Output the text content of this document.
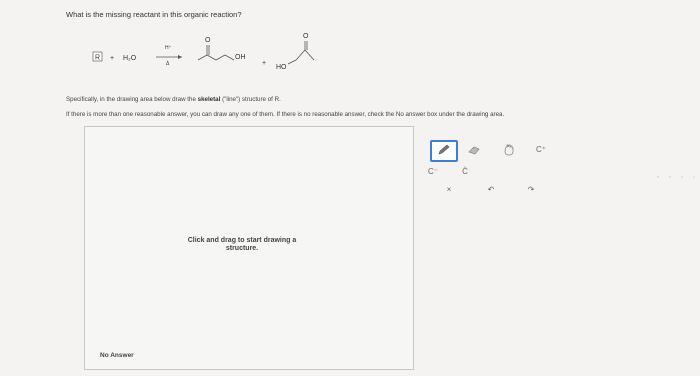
What is the missing reactant in this organic reaction?
R + H₂O
H⁺
Δ
O
OH
+
HO
O
Specifically, in the drawing area below draw the skeletal ("line") structure of R.
If there is more than one reasonable answer, you can draw any one of them. If there is no reasonable answer, check the No answer box under the drawing area.
Click and drag to start drawing a
structure.
No Answer
C⁺
C⁻	C̈
×	↶	↷
